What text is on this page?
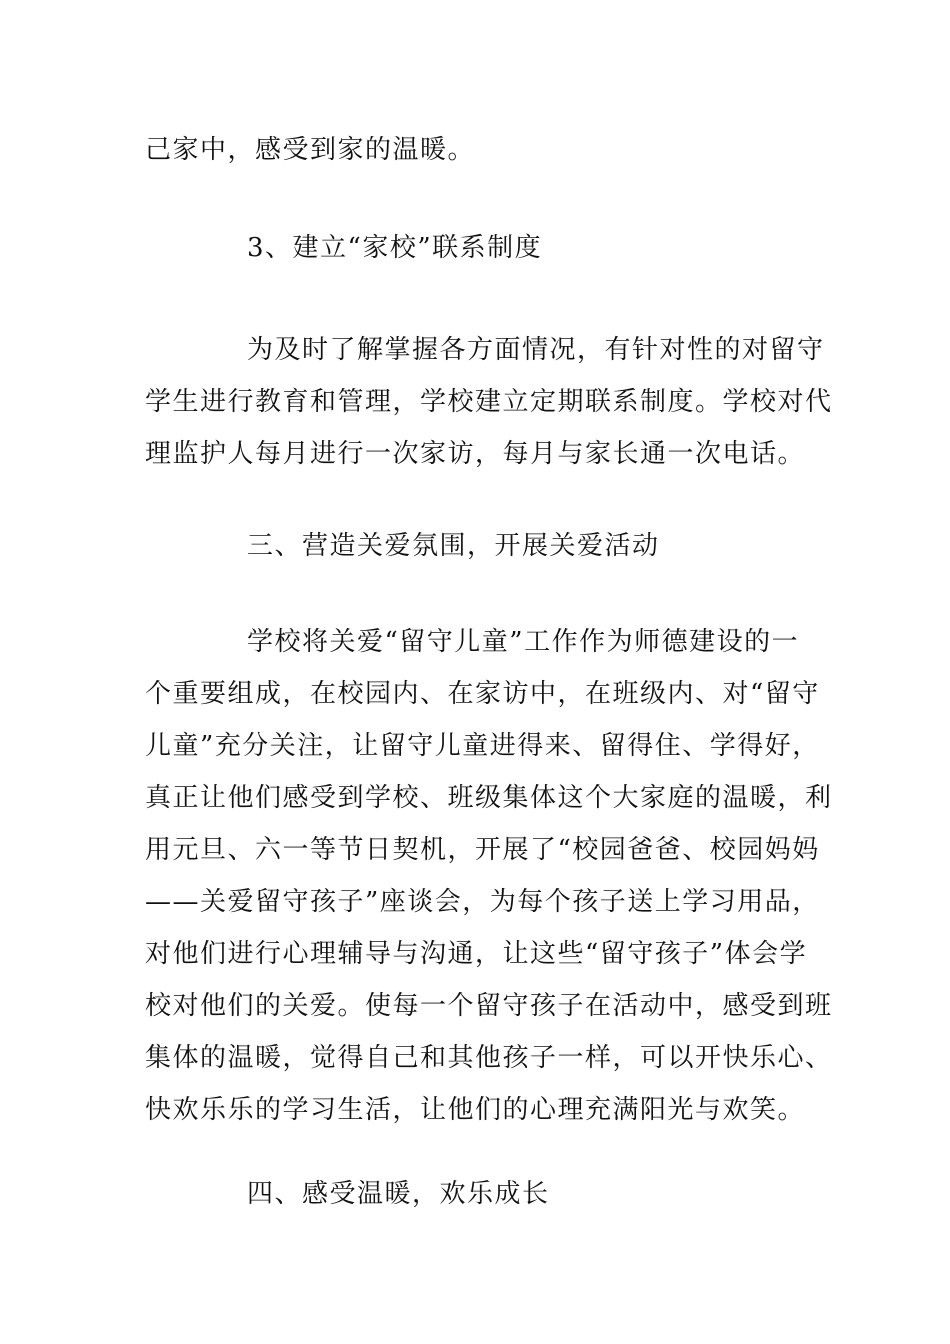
己家中，感受到家的温暖。
3、建立“家校”联系制度
为及时了解掌握各方面情况，有针对性的对留守
学生进行教育和管理，学校建立定期联系制度。学校对代
理监护人每月进行一次家访，每月与家长通一次电话。
三、营造关爱氛围，开展关爱活动
学校将关爱“留守儿童”工作作为师德建设的一
个重要组成，在校园内、在家访中，在班级内、对“留守
儿童”充分关注，让留守儿童进得来、留得住、学得好，
真正让他们感受到学校、班级集体这个大家庭的温暖，利
用元旦、六一等节日契机，开展了“校园爸爸、校园妈妈
——关爱留守孩子”座谈会，为每个孩子送上学习用品，
对他们进行心理辅导与沟通，让这些“留守孩子”体会学
校对他们的关爱。使每一个留守孩子在活动中，感受到班
集体的温暖，觉得自己和其他孩子一样，可以开快乐心、
快欢乐乐的学习生活，让他们的心理充满阳光与欢笑。
四、感受温暖，欢乐成长
